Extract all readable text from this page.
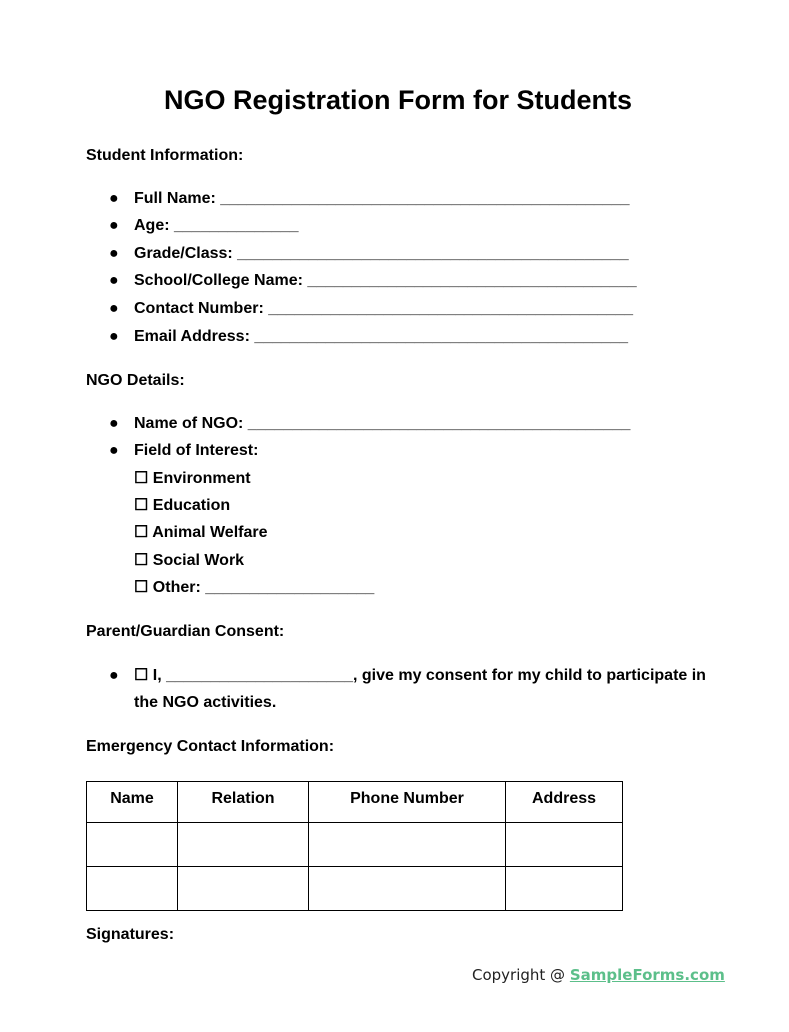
NGO Registration Form for Students
Student Information:
● Full Name: ______________________________________________
● Age: ______________
● Grade/Class: ____________________________________________
● School/College Name: _____________________________________
● Contact Number: _________________________________________
● Email Address: __________________________________________
NGO Details:
● Name of NGO: ___________________________________________
● Field of Interest:
☐ Environment
☐ Education
☐ Animal Welfare
☐ Social Work
☐ Other: ___________________
Parent/Guardian Consent:
● ☐ I, _____________________, give my consent for my child to participate in
the NGO activities.
Emergency Contact Information:
Name	Relation	Phone Number	Address

Signatures:
Copyright @ SampleForms.com
